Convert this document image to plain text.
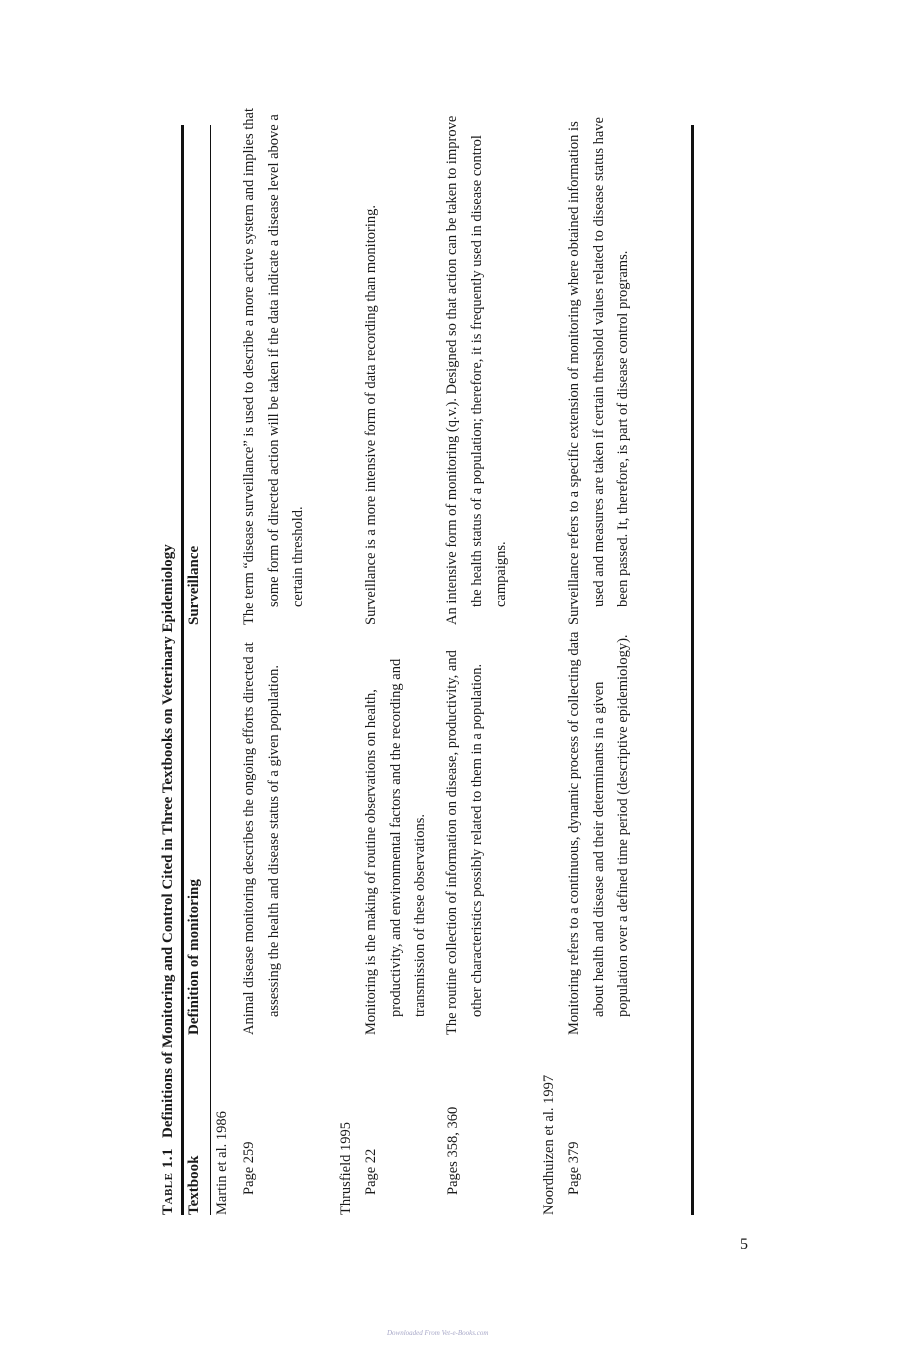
TABLE 1.1Definitions of Monitoring and Control Cited in Three Textbooks on Veterinary Epidemiology
Textbook
Definition of monitoring
Surveillance
Martin et al. 1986 Page 259
Animal disease monitoring describes the ongoing efforts directed at assessing the health and disease status of a given population.
The term “disease surveillance” is used to describe a more active system and implies that some form of directed action will be taken if the data indicate a disease level above a certain threshold.
Thrusfield 1995 Page 22
Monitoring is the making of routine observations on health, productivity, and environmental factors and the recording and transmission of these observations.
Surveillance is a more intensive form of data recording than monitoring.
Pages 358, 360
The routine collection of information on disease, productivity, and other characteristics possibly related to them in a population.
An intensive form of monitoring (q.v.). Designed so that action can be taken to improve the health status of a population; therefore, it is frequently used in disease control campaigns.
Noordhuizen et al. 1997 Page 379
Monitoring refers to a continuous, dynamic process of collecting data about health and disease and their determinants in a given population over a defined time period (descriptive epidemiology).
Surveillance refers to a specific extension of monitoring where obtained information is used and measures are taken if certain threshold values related to disease status have been passed. It, therefore, is part of disease control programs.
5
Downloaded From Vet-e-Books.com
